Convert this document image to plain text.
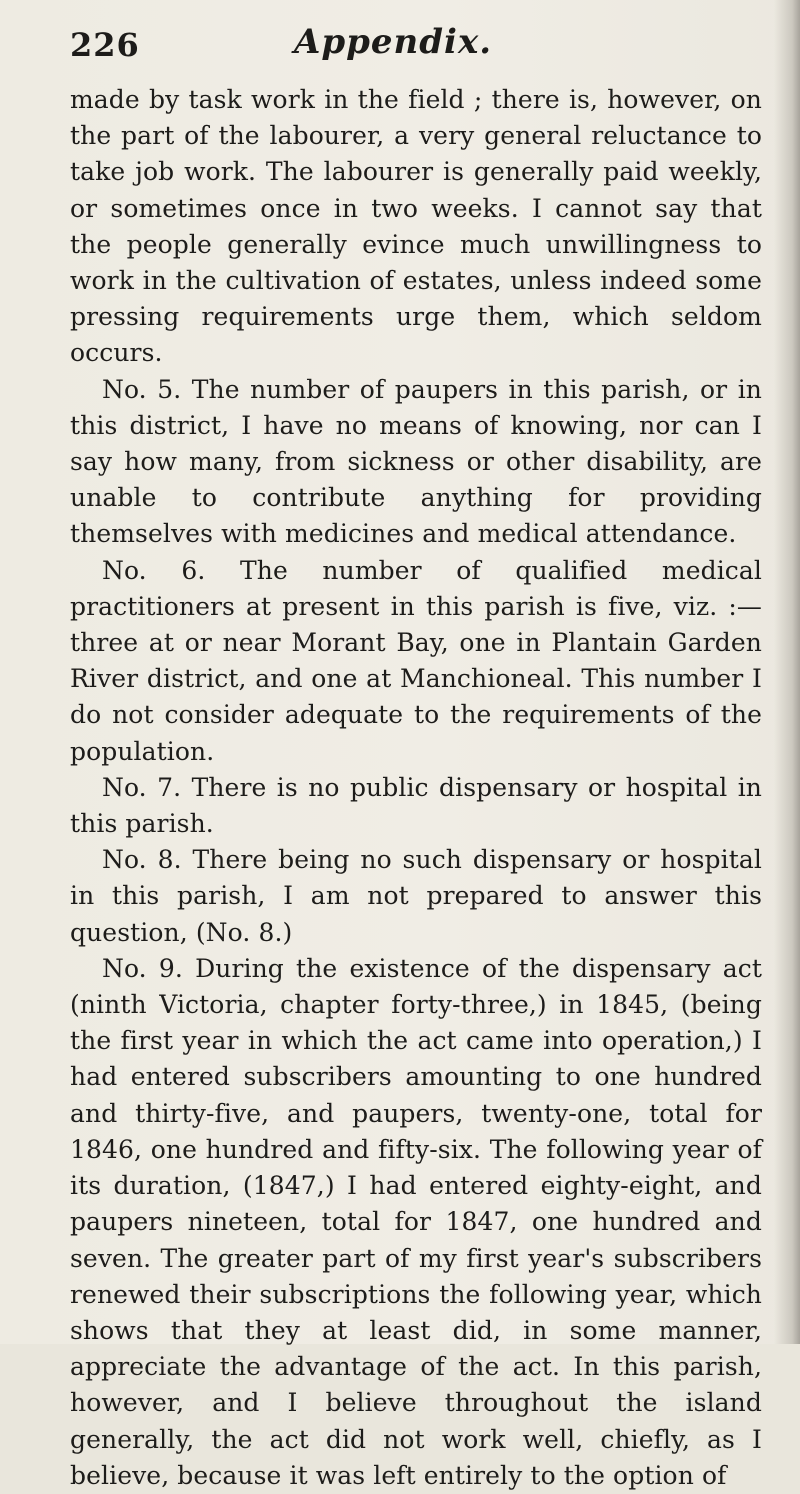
226	Appendix.

made by task work in the field ; there is, however, on the part of the labourer, a very general reluctance to take job work. The labourer is generally paid weekly, or sometimes once in two weeks. I cannot say that the people generally evince much unwillingness to work in the cultivation of estates, unless indeed some pressing requirements urge them, which seldom occurs.

No. 5. The number of paupers in this parish, or in this district, I have no means of knowing, nor can I say how many, from sickness or other disability, are unable to contribute anything for providing themselves with medicines and medical attendance.

No. 6. The number of qualified medical practitioners at present in this parish is five, viz. :— three at or near Morant Bay, one in Plantain Garden River district, and one at Manchioneal. This number I do not consider adequate to the requirements of the population.

No. 7. There is no public dispensary or hospital in this parish.

No. 8. There being no such dispensary or hospital in this parish, I am not prepared to answer this question, (No. 8.)

No. 9. During the existence of the dispensary act (ninth Victoria, chapter forty-three,) in 1845, (being the first year in which the act came into operation,) I had entered subscribers amounting to one hundred and thirty-five, and paupers, twenty-one, total for 1846, one hundred and fifty-six. The following year of its duration, (1847,) I had entered eighty-eight, and paupers nineteen, total for 1847, one hundred and seven. The greater part of my first year's subscribers renewed their subscriptions the following year, which shows that they at least did, in some manner, appreciate the advantage of the act. In this parish, however, and I believe throughout the island generally, the act did not work well, chiefly, as I believe, because it was left entirely to the option of
